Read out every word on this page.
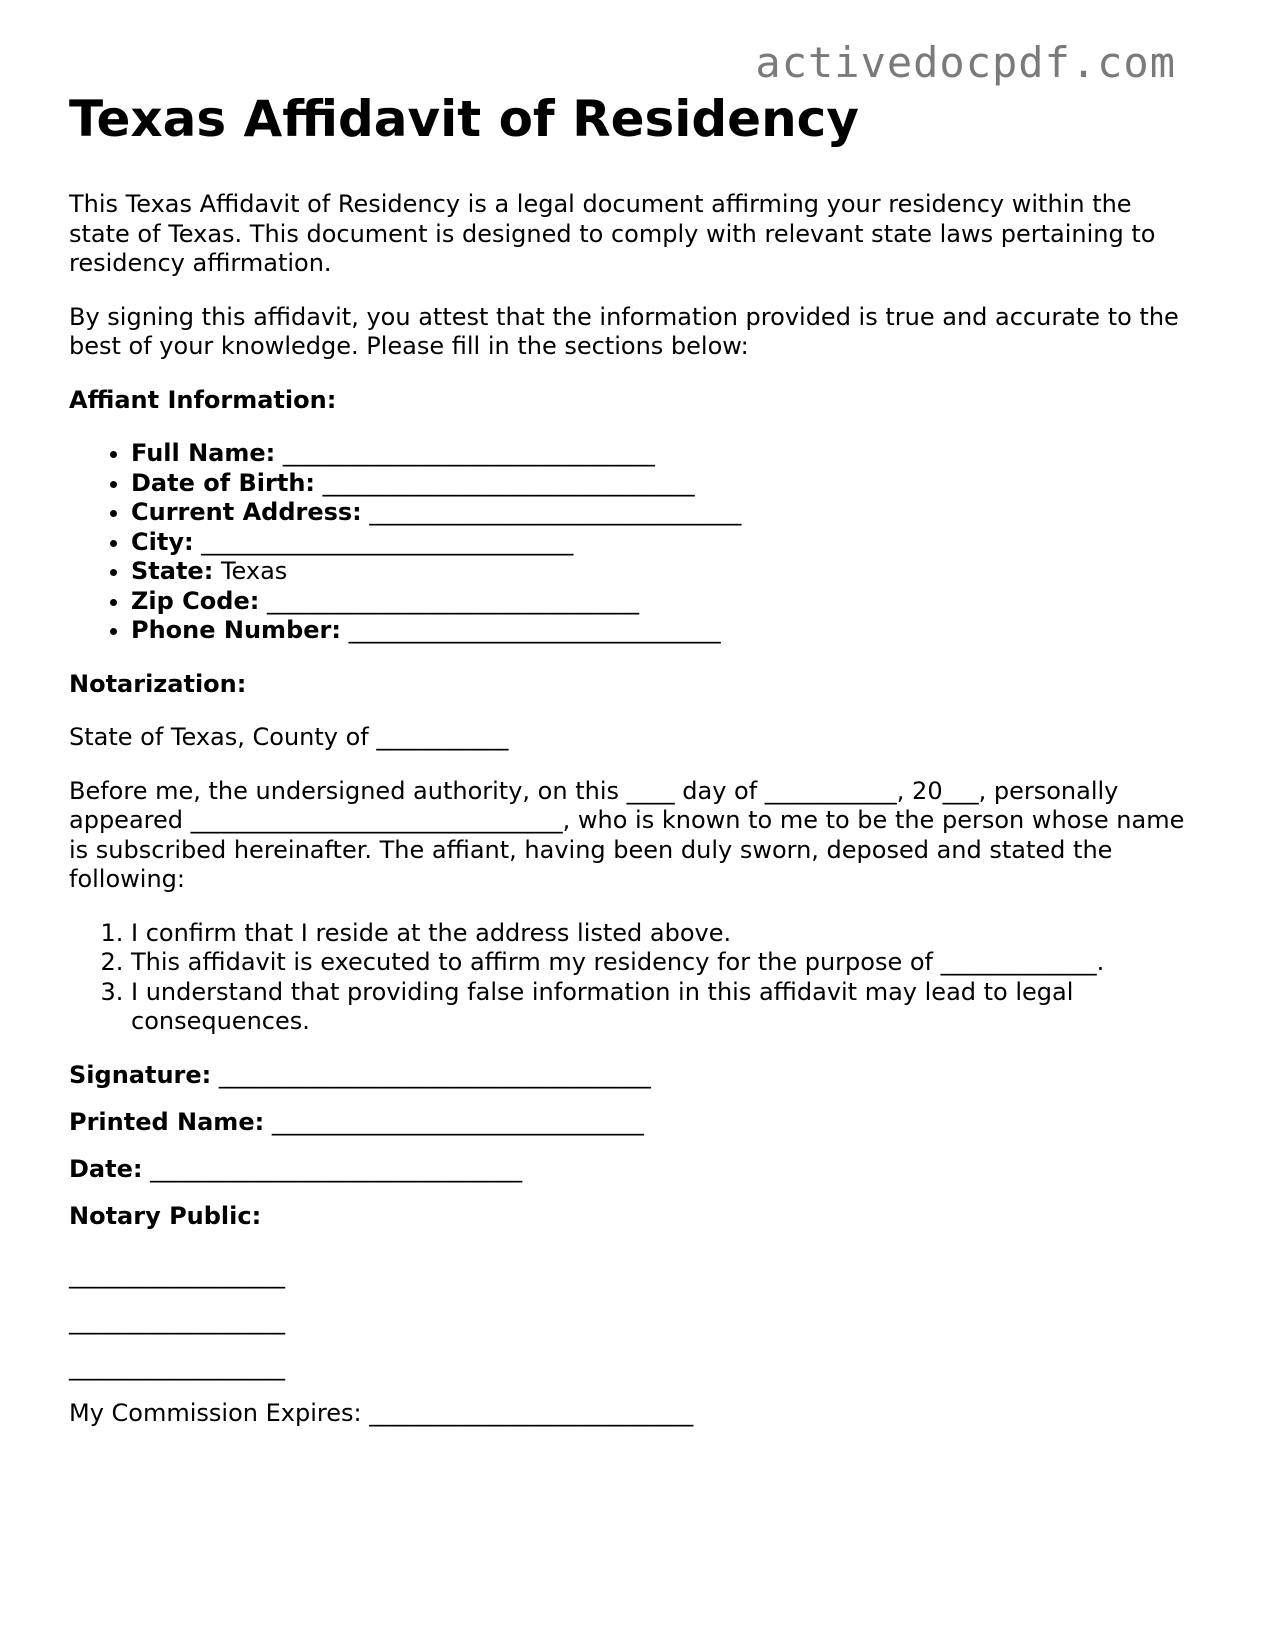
activedocpdf.com
Texas Affidavit of Residency

This Texas Affidavit of Residency is a legal document affirming your residency within the state of Texas. This document is designed to comply with relevant state laws pertaining to residency affirmation.

By signing this affidavit, you attest that the information provided is true and accurate to the best of your knowledge. Please fill in the sections below:

Affiant Information:
• Full Name: _______________________________
• Date of Birth: _______________________________
• Current Address: _______________________________
• City: _______________________________
• State: Texas
• Zip Code: _______________________________
• Phone Number: _______________________________
Notarization:

State of Texas, County of ___________

Before me, the undersigned authority, on this ____ day of ___________, 20___, personally appeared _______________________________, who is known to me to be the person whose name is subscribed hereinafter. The affiant, having been duly sworn, deposed and stated the following:

1. I confirm that I reside at the address listed above.
2. This affidavit is executed to affirm my residency for the purpose of _____________.
3. I understand that providing false information in this affidavit may lead to legal consequences.
Signature: ____________________________________
Printed Name: _______________________________
Date: _______________________________
Notary Public:
__________________
__________________
__________________

My Commission Expires: ___________________________
